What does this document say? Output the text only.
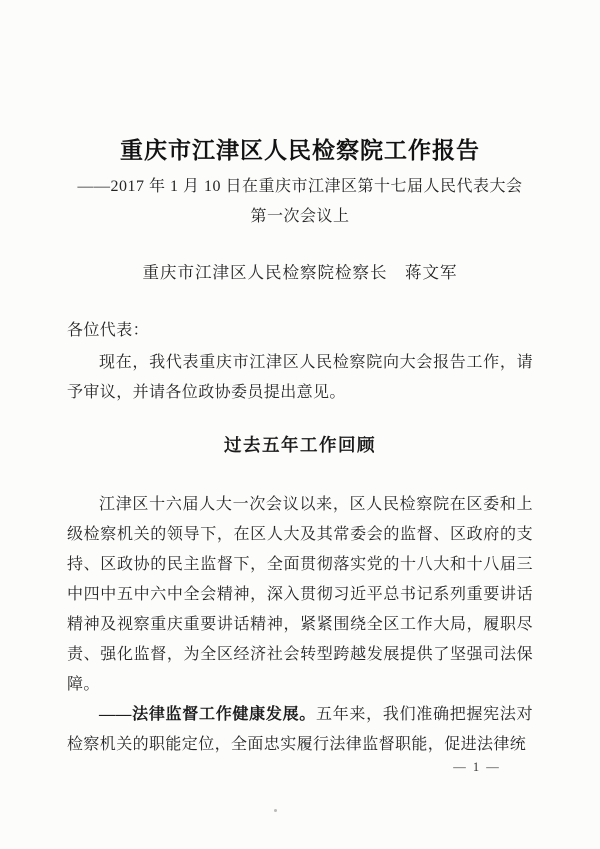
重庆市江津区人民检察院工作报告

——2017 年 1 月 10 日在重庆市江津区第十七届人民代表大会

第一次会议上

重庆市江津区人民检察院检察长　蒋文军

各位代表：

现在，我代表重庆市江津区人民检察院向大会报告工作，请予审议，并请各位政协委员提出意见。

过去五年工作回顾

江津区十六届人大一次会议以来，区人民检察院在区委和上级检察机关的领导下，在区人大及其常委会的监督、区政府的支持、区政协的民主监督下，全面贯彻落实党的十八大和十八届三中四中五中六中全会精神，深入贯彻习近平总书记系列重要讲话精神及视察重庆重要讲话精神，紧紧围绕全区工作大局，履职尽责、强化监督，为全区经济社会转型跨越发展提供了坚强司法保障。

——法律监督工作健康发展。五年来，我们准确把握宪法对检察机关的职能定位，全面忠实履行法律监督职能，促进法律统

— 1 —
